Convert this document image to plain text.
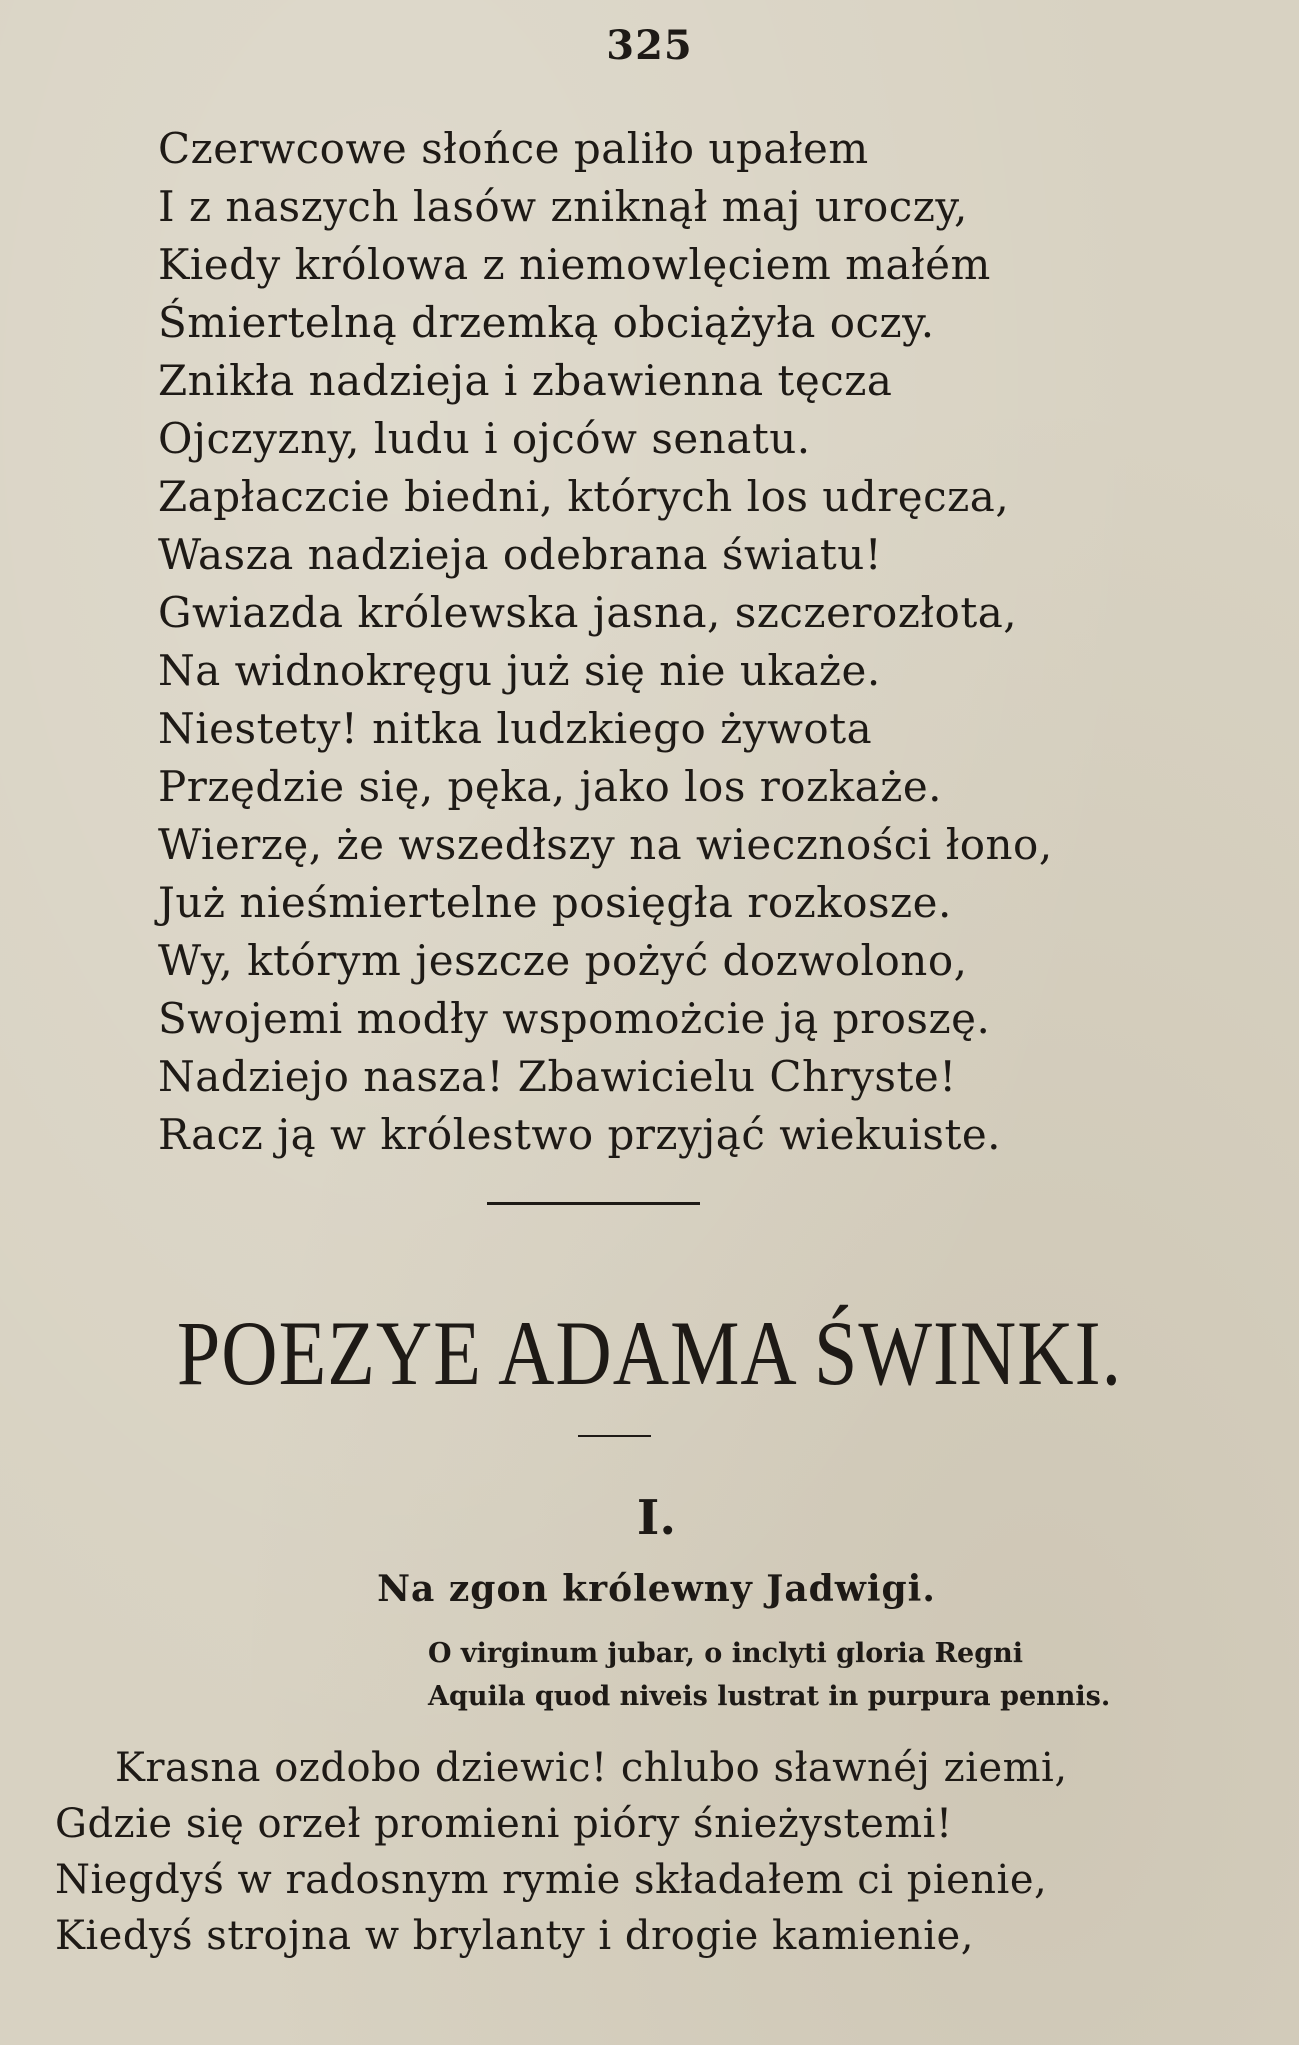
325
Czerwcowe słońce paliło upałem
I z naszych lasów zniknął maj uroczy,
Kiedy królowa z niemowlęciem małém
Śmiertelną drzemką obciążyła oczy.
Znikła nadzieja i zbawienna tęcza
Ojczyzny, ludu i ojców senatu.
Zapłaczcie biedni, których los udręcza,
Wasza nadzieja odebrana światu!
Gwiazda królewska jasna, szczerozłota,
Na widnokręgu już się nie ukaże.
Niestety! nitka ludzkiego żywota
Przędzie się, pęka, jako los rozkaże.
Wierzę, że wszedłszy na wieczności łono,
Już nieśmiertelne posięgła rozkosze.
Wy, którym jeszcze pożyć dozwolono,
Swojemi modły wspomożcie ją proszę.
Nadziejo nasza! Zbawicielu Chryste!
Racz ją w królestwo przyjąć wiekuiste.
POEZYE ADAMA ŚWINKI.
I.
Na zgon królewny Jadwigi.
O virginum jubar, o inclyti gloria Regni
Aquila quod niveis lustrat in purpura pennis.
Krasna ozdobo dziewic! chlubo sławnéj ziemi,
Gdzie się orzeł promieni pióry śnieżystemi!
Niegdyś w radosnym rymie składałem ci pienie,
Kiedyś strojna w brylanty i drogie kamienie,
